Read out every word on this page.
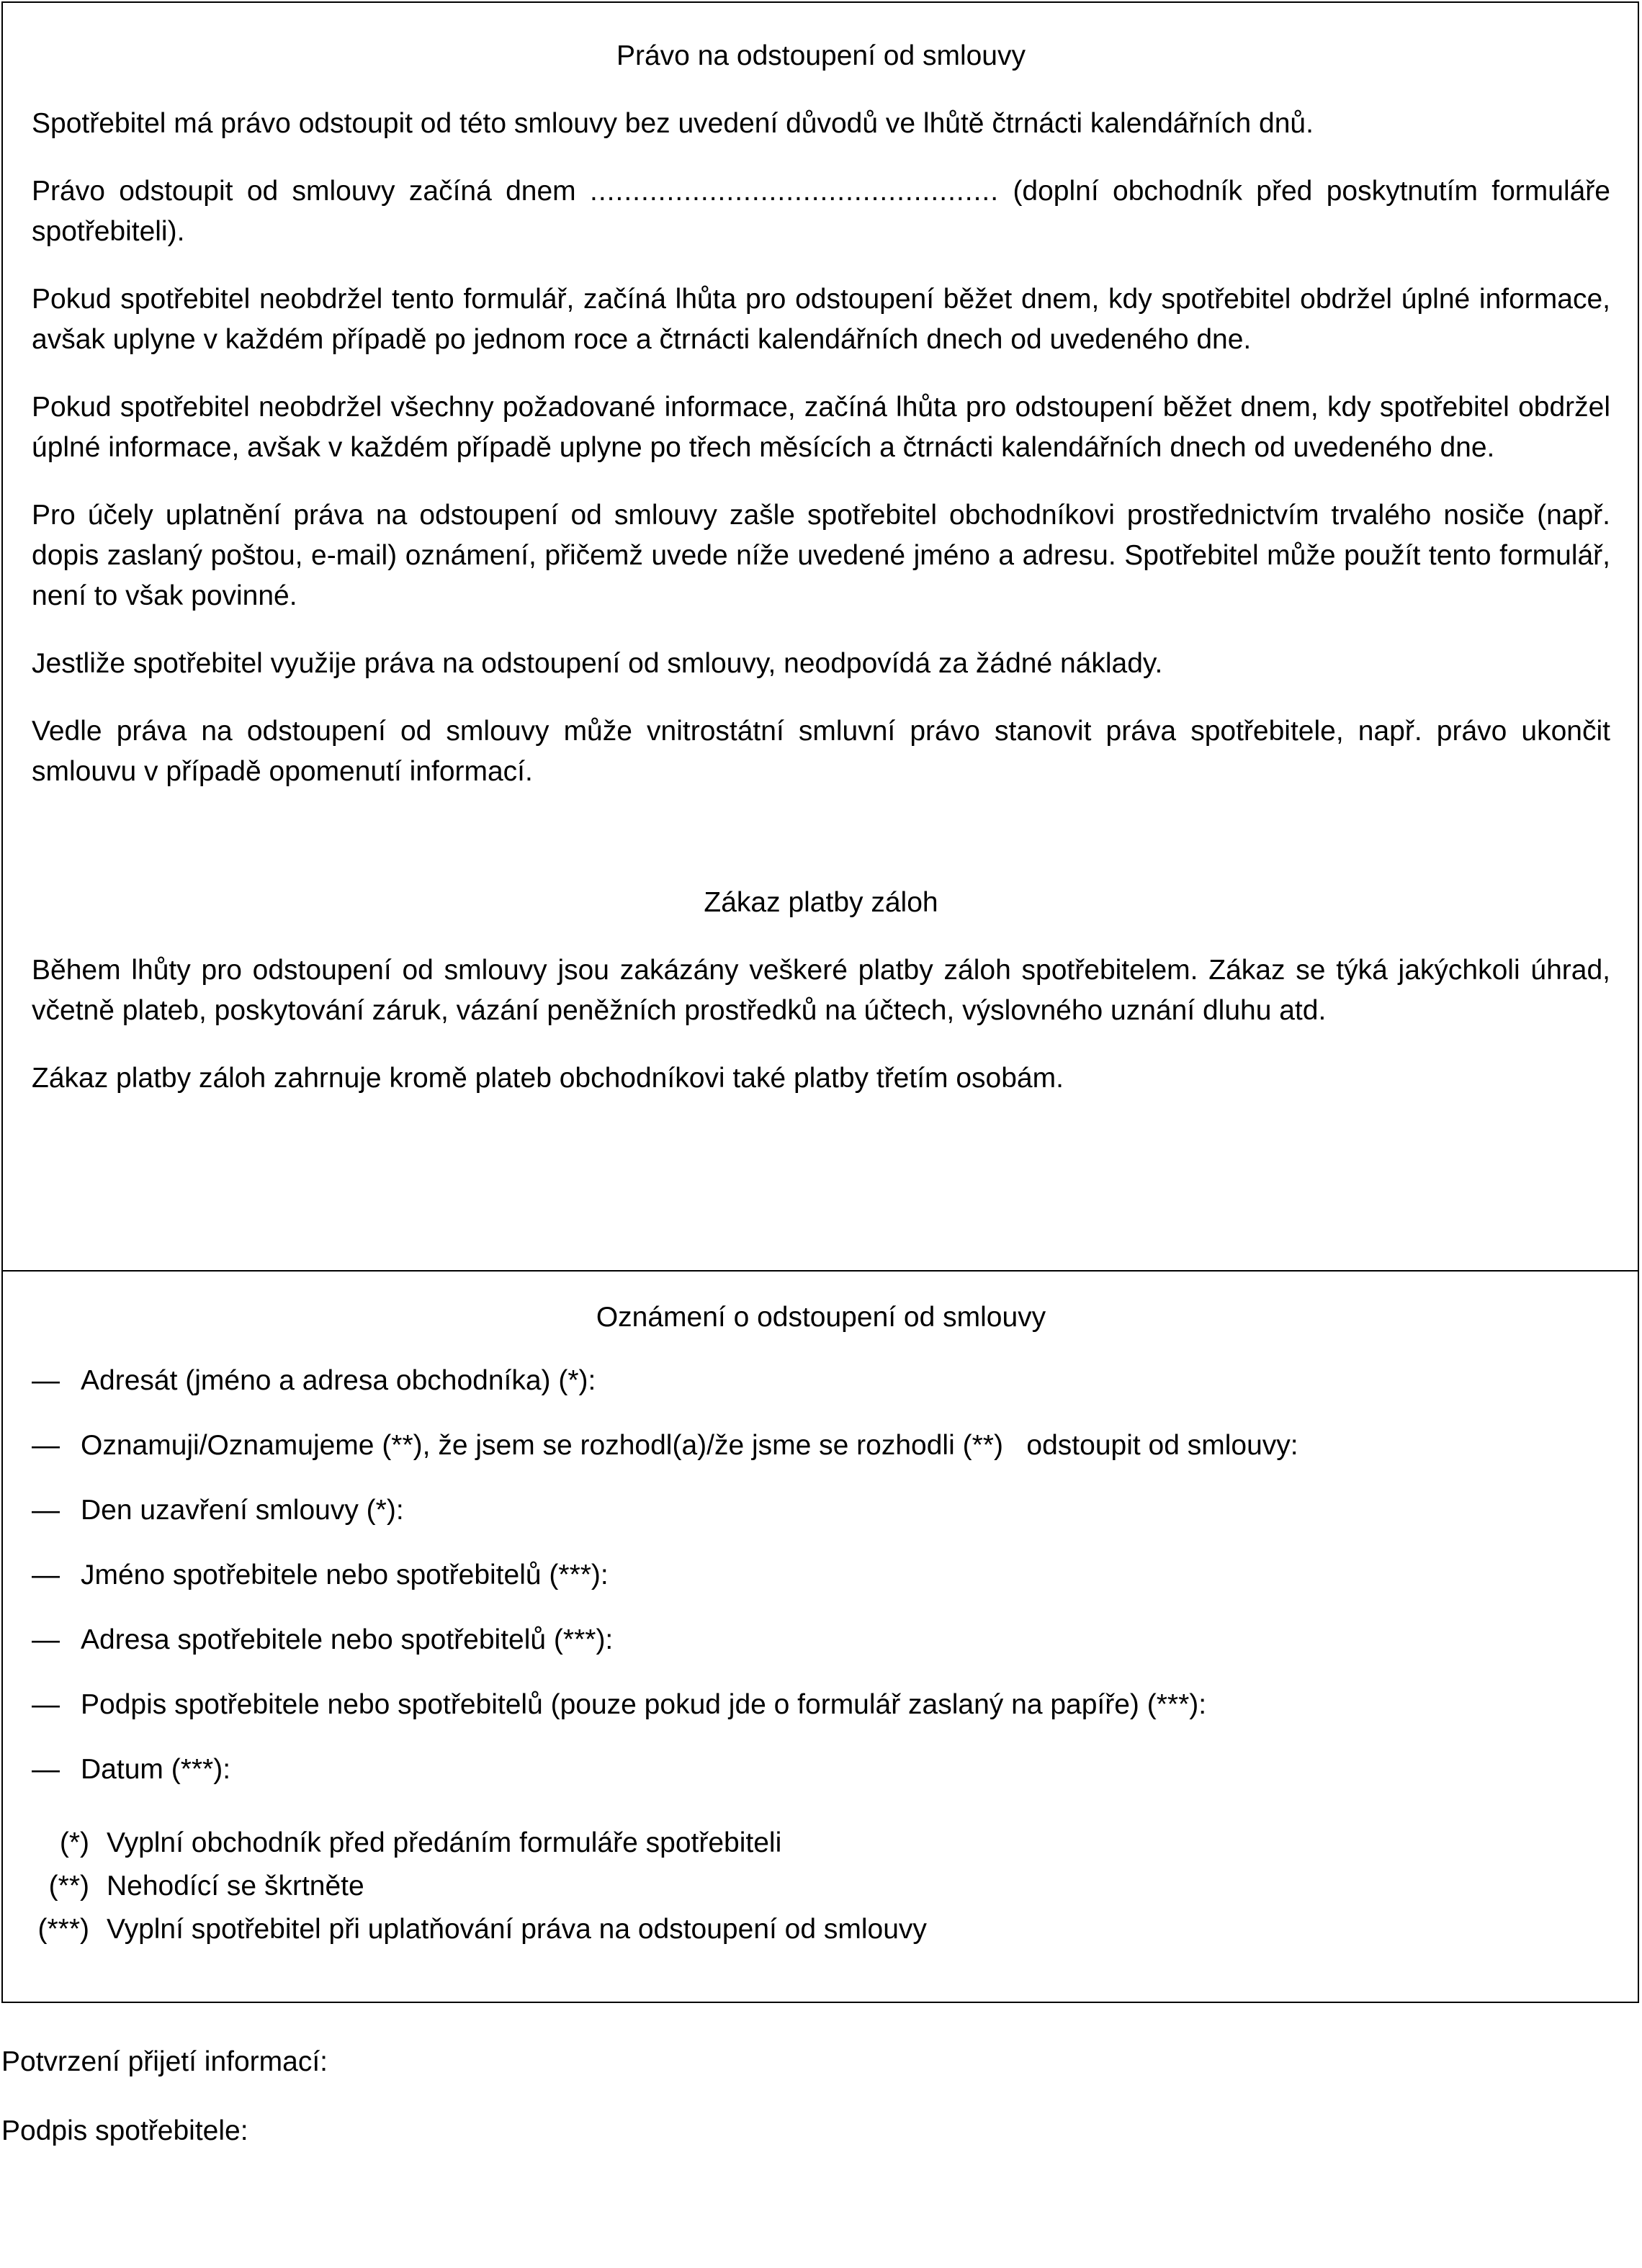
Právo na odstoupení od smlouvy

Spotřebitel má právo odstoupit od této smlouvy bez uvedení důvodů ve lhůtě čtrnácti kalendářních dnů.

Právo odstoupit od smlouvy začíná dnem ................................................ (doplní obchodník před poskytnutím formuláře spotřebiteli).

Pokud spotřebitel neobdržel tento formulář, začíná lhůta pro odstoupení běžet dnem, kdy spotřebitel obdržel úplné informace, avšak uplyne v každém případě po jednom roce a čtrnácti kalendářních dnech od uvedeného dne.

Pokud spotřebitel neobdržel všechny požadované informace, začíná lhůta pro odstoupení běžet dnem, kdy spotřebitel obdržel úplné informace, avšak v každém případě uplyne po třech měsících a čtrnácti kalendářních dnech od uvedeného dne.

Pro účely uplatnění práva na odstoupení od smlouvy zašle spotřebitel obchodníkovi prostřednictvím trvalého nosiče (např. dopis zaslaný poštou, e-mail) oznámení, přičemž uvede níže uvedené jméno a adresu. Spotřebitel může použít tento formulář, není to však povinné.

Jestliže spotřebitel využije práva na odstoupení od smlouvy, neodpovídá za žádné náklady.

Vedle práva na odstoupení od smlouvy může vnitrostátní smluvní právo stanovit práva spotřebitele, např. právo ukončit smlouvu v případě opomenutí informací.

Zákaz platby záloh

Během lhůty pro odstoupení od smlouvy jsou zakázány veškeré platby záloh spotřebitelem. Zákaz se týká jakýchkoli úhrad, včetně plateb, poskytování záruk, vázání peněžních prostředků na účtech, výslovného uznání dluhu atd.

Zákaz platby záloh zahrnuje kromě plateb obchodníkovi také platby třetím osobám.

Oznámení o odstoupení od smlouvy

— Adresát (jméno a adresa obchodníka) (*):
— Oznamuji/Oznamujeme (**), že jsem se rozhodl(a)/že jsme se rozhodli (**)   odstoupit od smlouvy:
— Den uzavření smlouvy (*):
— Jméno spotřebitele nebo spotřebitelů (***):
— Adresa spotřebitele nebo spotřebitelů (***):
— Podpis spotřebitele nebo spotřebitelů (pouze pokud jde o formulář zaslaný na papíře) (***):
— Datum (***):
(*) Vyplní obchodník před předáním formuláře spotřebiteli
(**) Nehodící se škrtněte
(***) Vyplní spotřebitel při uplatňování práva na odstoupení od smlouvy

Potvrzení přijetí informací:

Podpis spotřebitele:
